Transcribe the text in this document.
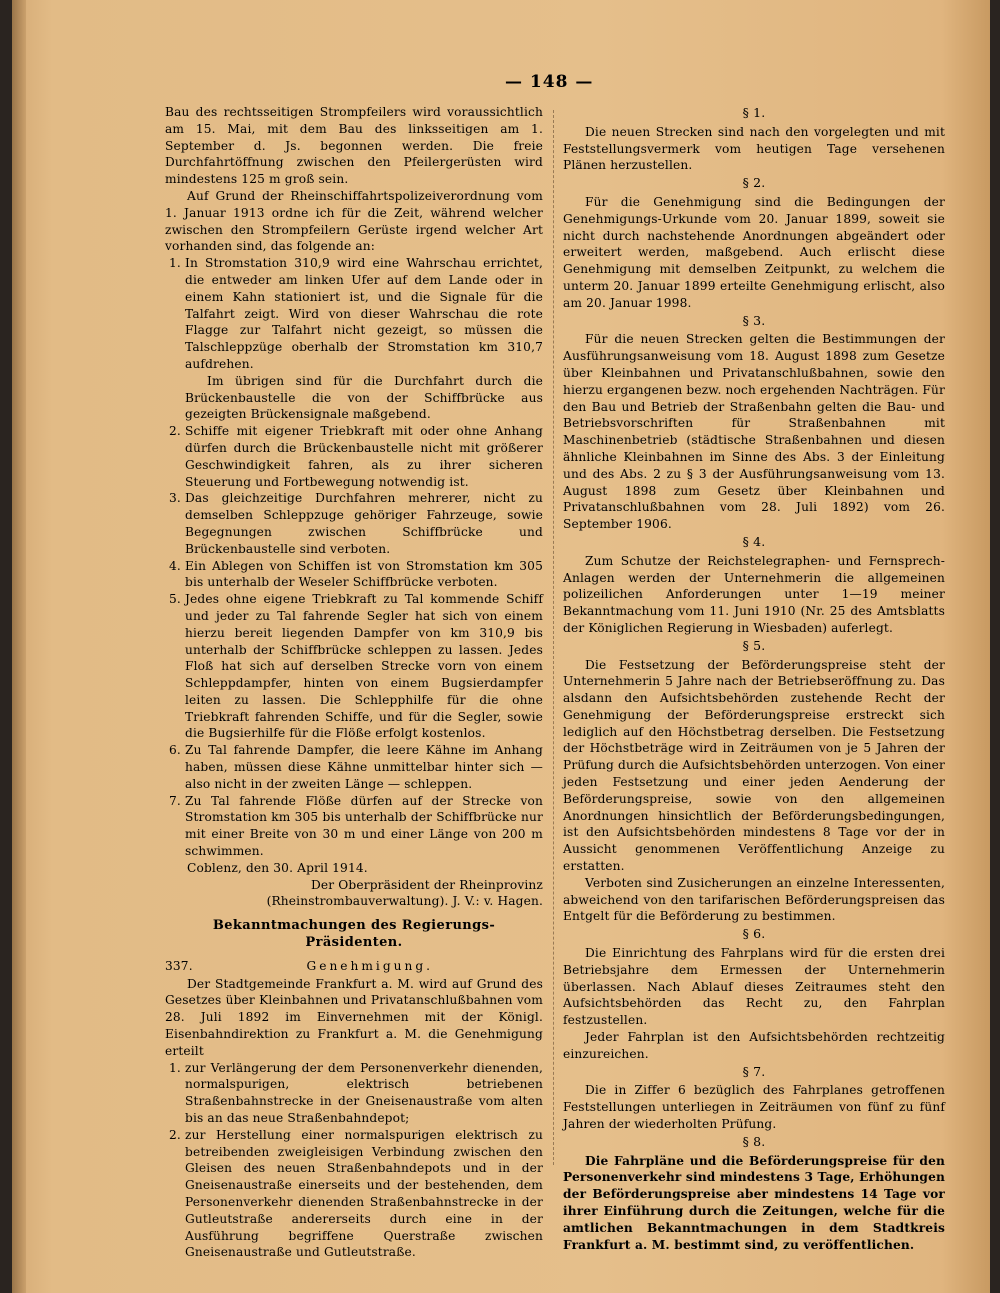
— 148 —

Bau des rechtsseitigen Strompfeilers wird voraussichtlich am 15. Mai, mit dem Bau des linksseitigen am 1. September d. Js. begonnen werden. Die freie Durchfahrtöffnung zwischen den Pfeilergerüsten wird mindestens 125 m groß sein.

Auf Grund der Rheinschiffahrtspolizeiverordnung vom 1. Januar 1913 ordne ich für die Zeit, während welcher zwischen den Strompfeilern Gerüste irgend welcher Art vorhanden sind, das folgende an:

1. In Stromstation 310,9 wird eine Wahrschau errichtet, die entweder am linken Ufer auf dem Lande oder in einem Kahn stationiert ist, und die Signale für die Talfahrt zeigt. Wird von dieser Wahrschau die rote Flagge zur Talfahrt nicht gezeigt, so müssen die Talschleppzüge oberhalb der Stromstation km 310,7 aufdrehen.
Im übrigen sind für die Durchfahrt durch die Brückenbaustelle die von der Schiffbrücke aus gezeigten Brückensignale maßgebend.
2. Schiffe mit eigener Triebkraft mit oder ohne Anhang dürfen durch die Brückenbaustelle nicht mit größerer Geschwindigkeit fahren, als zu ihrer sicheren Steuerung und Fortbewegung notwendig ist.
3. Das gleichzeitige Durchfahren mehrerer, nicht zu demselben Schleppzuge gehöriger Fahrzeuge, sowie Begegnungen zwischen Schiffbrücke und Brückenbaustelle sind verboten.
4. Ein Ablegen von Schiffen ist von Stromstation km 305 bis unterhalb der Weseler Schiffbrücke verboten.
5. Jedes ohne eigene Triebkraft zu Tal kommende Schiff und jeder zu Tal fahrende Segler hat sich von einem hierzu bereit liegenden Dampfer von km 310,9 bis unterhalb der Schiffbrücke schleppen zu lassen. Jedes Floß hat sich auf derselben Strecke vorn von einem Schleppdampfer, hinten von einem Bugsierdampfer leiten zu lassen. Die Schlepphilfe für die ohne Triebkraft fahrenden Schiffe, und für die Segler, sowie die Bugsierhilfe für die Flöße erfolgt kostenlos.
6. Zu Tal fahrende Dampfer, die leere Kähne im Anhang haben, müssen diese Kähne unmittelbar hinter sich — also nicht in der zweiten Länge — schleppen.
7. Zu Tal fahrende Flöße dürfen auf der Strecke von Stromstation km 305 bis unterhalb der Schiffbrücke nur mit einer Breite von 30 m und einer Länge von 200 m schwimmen.

Coblenz, den 30. April 1914.

Der Oberpräsident der Rheinprovinz

(Rheinstrombauverwaltung). J. V.: v. Hagen.

Bekanntmachungen des Regierungs-Präsidenten.
337.	Genehmigung.

Der Stadtgemeinde Frankfurt a. M. wird auf Grund des Gesetzes über Kleinbahnen und Privatanschlußbahnen vom 28. Juli 1892 im Einvernehmen mit der Königl. Eisenbahndirektion zu Frankfurt a. M. die Genehmigung erteilt

1. zur Verlängerung der dem Personenverkehr dienenden, normalspurigen, elektrisch betriebenen Straßenbahnstrecke in der Gneisenaustraße vom alten bis an das neue Straßenbahndepot;
2. zur Herstellung einer normalspurigen elektrisch zu betreibenden zweigleisigen Verbindung zwischen den Gleisen des neuen Straßenbahndepots und in der Gneisenaustraße einerseits und der bestehenden, dem Personenverkehr dienenden Straßenbahnstrecke in der Gutleutstraße andererseits durch eine in der Ausführung begriffene Querstraße zwischen Gneisenaustraße und Gutleutstraße.
§ 1.

Die neuen Strecken sind nach den vorgelegten und mit Feststellungsvermerk vom heutigen Tage versehenen Plänen herzustellen.

§ 2.

Für die Genehmigung sind die Bedingungen der Genehmigungs-Urkunde vom 20. Januar 1899, soweit sie nicht durch nachstehende Anordnungen abgeändert oder erweitert werden, maßgebend. Auch erlischt diese Genehmigung mit demselben Zeitpunkt, zu welchem die unterm 20. Januar 1899 erteilte Genehmigung erlischt, also am 20. Januar 1998.

§ 3.

Für die neuen Strecken gelten die Bestimmungen der Ausführungsanweisung vom 18. August 1898 zum Gesetze über Kleinbahnen und Privatanschlußbahnen, sowie den hierzu ergangenen bezw. noch ergehenden Nachträgen. Für den Bau und Betrieb der Straßenbahn gelten die Bau- und Betriebsvorschriften für Straßenbahnen mit Maschinenbetrieb (städtische Straßenbahnen und diesen ähnliche Kleinbahnen im Sinne des Abs. 3 der Einleitung und des Abs. 2 zu § 3 der Ausführungsanweisung vom 13. August 1898 zum Gesetz über Kleinbahnen und Privatanschlußbahnen vom 28. Juli 1892) vom 26. September 1906.

§ 4.

Zum Schutze der Reichstelegraphen- und Fernsprech-Anlagen werden der Unternehmerin die allgemeinen polizeilichen Anforderungen unter 1—19 meiner Bekanntmachung vom 11. Juni 1910 (Nr. 25 des Amtsblatts der Königlichen Regierung in Wiesbaden) auferlegt.

§ 5.

Die Festsetzung der Beförderungspreise steht der Unternehmerin 5 Jahre nach der Betriebseröffnung zu. Das alsdann den Aufsichtsbehörden zustehende Recht der Genehmigung der Beförderungspreise erstreckt sich lediglich auf den Höchstbetrag derselben. Die Festsetzung der Höchstbeträge wird in Zeiträumen von je 5 Jahren der Prüfung durch die Aufsichtsbehörden unterzogen. Von einer jeden Festsetzung und einer jeden Aenderung der Beförderungspreise, sowie von den allgemeinen Anordnungen hinsichtlich der Beförderungsbedingungen, ist den Aufsichtsbehörden mindestens 8 Tage vor der in Aussicht genommenen Veröffentlichung Anzeige zu erstatten.

Verboten sind Zusicherungen an einzelne Interessenten, abweichend von den tarifarischen Beförderungspreisen das Entgelt für die Beförderung zu bestimmen.

§ 6.

Die Einrichtung des Fahrplans wird für die ersten drei Betriebsjahre dem Ermessen der Unternehmerin überlassen. Nach Ablauf dieses Zeitraumes steht den Aufsichtsbehörden das Recht zu, den Fahrplan festzustellen.

Jeder Fahrplan ist den Aufsichtsbehörden rechtzeitig einzureichen.

§ 7.

Die in Ziffer 6 bezüglich des Fahrplanes getroffenen Feststellungen unterliegen in Zeiträumen von fünf zu fünf Jahren der wiederholten Prüfung.

§ 8.

Die Fahrpläne und die Beförderungspreise für den Personenverkehr sind mindestens 3 Tage, Erhöhungen der Beförderungspreise aber mindestens 14 Tage vor ihrer Einführung durch die Zeitungen, welche für die amtlichen Bekanntmachungen in dem Stadtkreis Frankfurt a. M. bestimmt sind, zu veröffentlichen.
